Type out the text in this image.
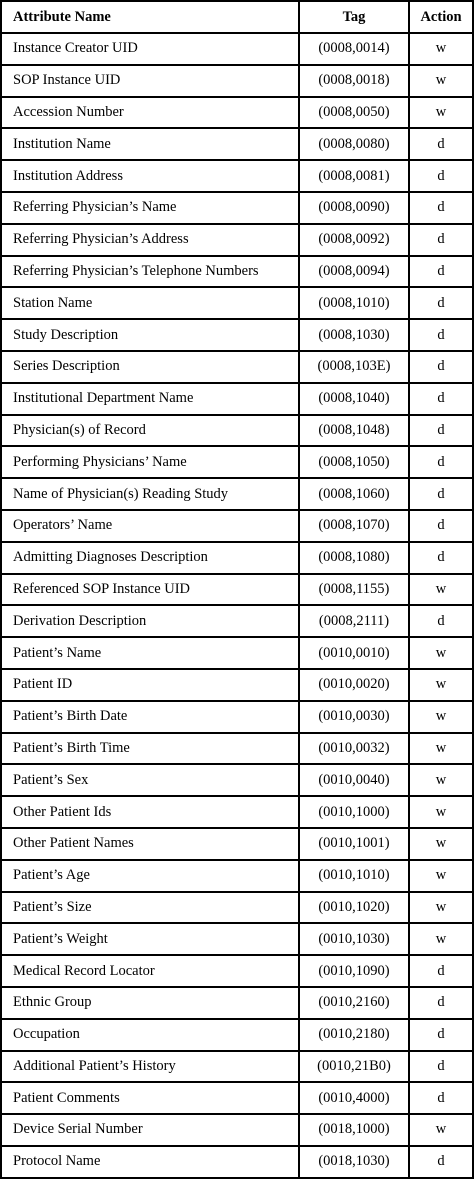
Attribute Name	Tag	Action
Instance Creator UID	(0008,0014)	w
SOP Instance UID	(0008,0018)	w
Accession Number	(0008,0050)	w
Institution Name	(0008,0080)	d
Institution Address	(0008,0081)	d
Referring Physician’s Name	(0008,0090)	d
Referring Physician’s Address	(0008,0092)	d
Referring Physician’s Telephone Numbers	(0008,0094)	d
Station Name	(0008,1010)	d
Study Description	(0008,1030)	d
Series Description	(0008,103E)	d
Institutional Department Name	(0008,1040)	d
Physician(s) of Record	(0008,1048)	d
Performing Physicians’ Name	(0008,1050)	d
Name of Physician(s) Reading Study	(0008,1060)	d
Operators’ Name	(0008,1070)	d
Admitting Diagnoses Description	(0008,1080)	d
Referenced SOP Instance UID	(0008,1155)	w
Derivation Description	(0008,2111)	d
Patient’s Name	(0010,0010)	w
Patient ID	(0010,0020)	w
Patient’s Birth Date	(0010,0030)	w
Patient’s Birth Time	(0010,0032)	w
Patient’s Sex	(0010,0040)	w
Other Patient Ids	(0010,1000)	w
Other Patient Names	(0010,1001)	w
Patient’s Age	(0010,1010)	w
Patient’s Size	(0010,1020)	w
Patient’s Weight	(0010,1030)	w
Medical Record Locator	(0010,1090)	d
Ethnic Group	(0010,2160)	d
Occupation	(0010,2180)	d
Additional Patient’s History	(0010,21B0)	d
Patient Comments	(0010,4000)	d
Device Serial Number	(0018,1000)	w
Protocol Name	(0018,1030)	d
